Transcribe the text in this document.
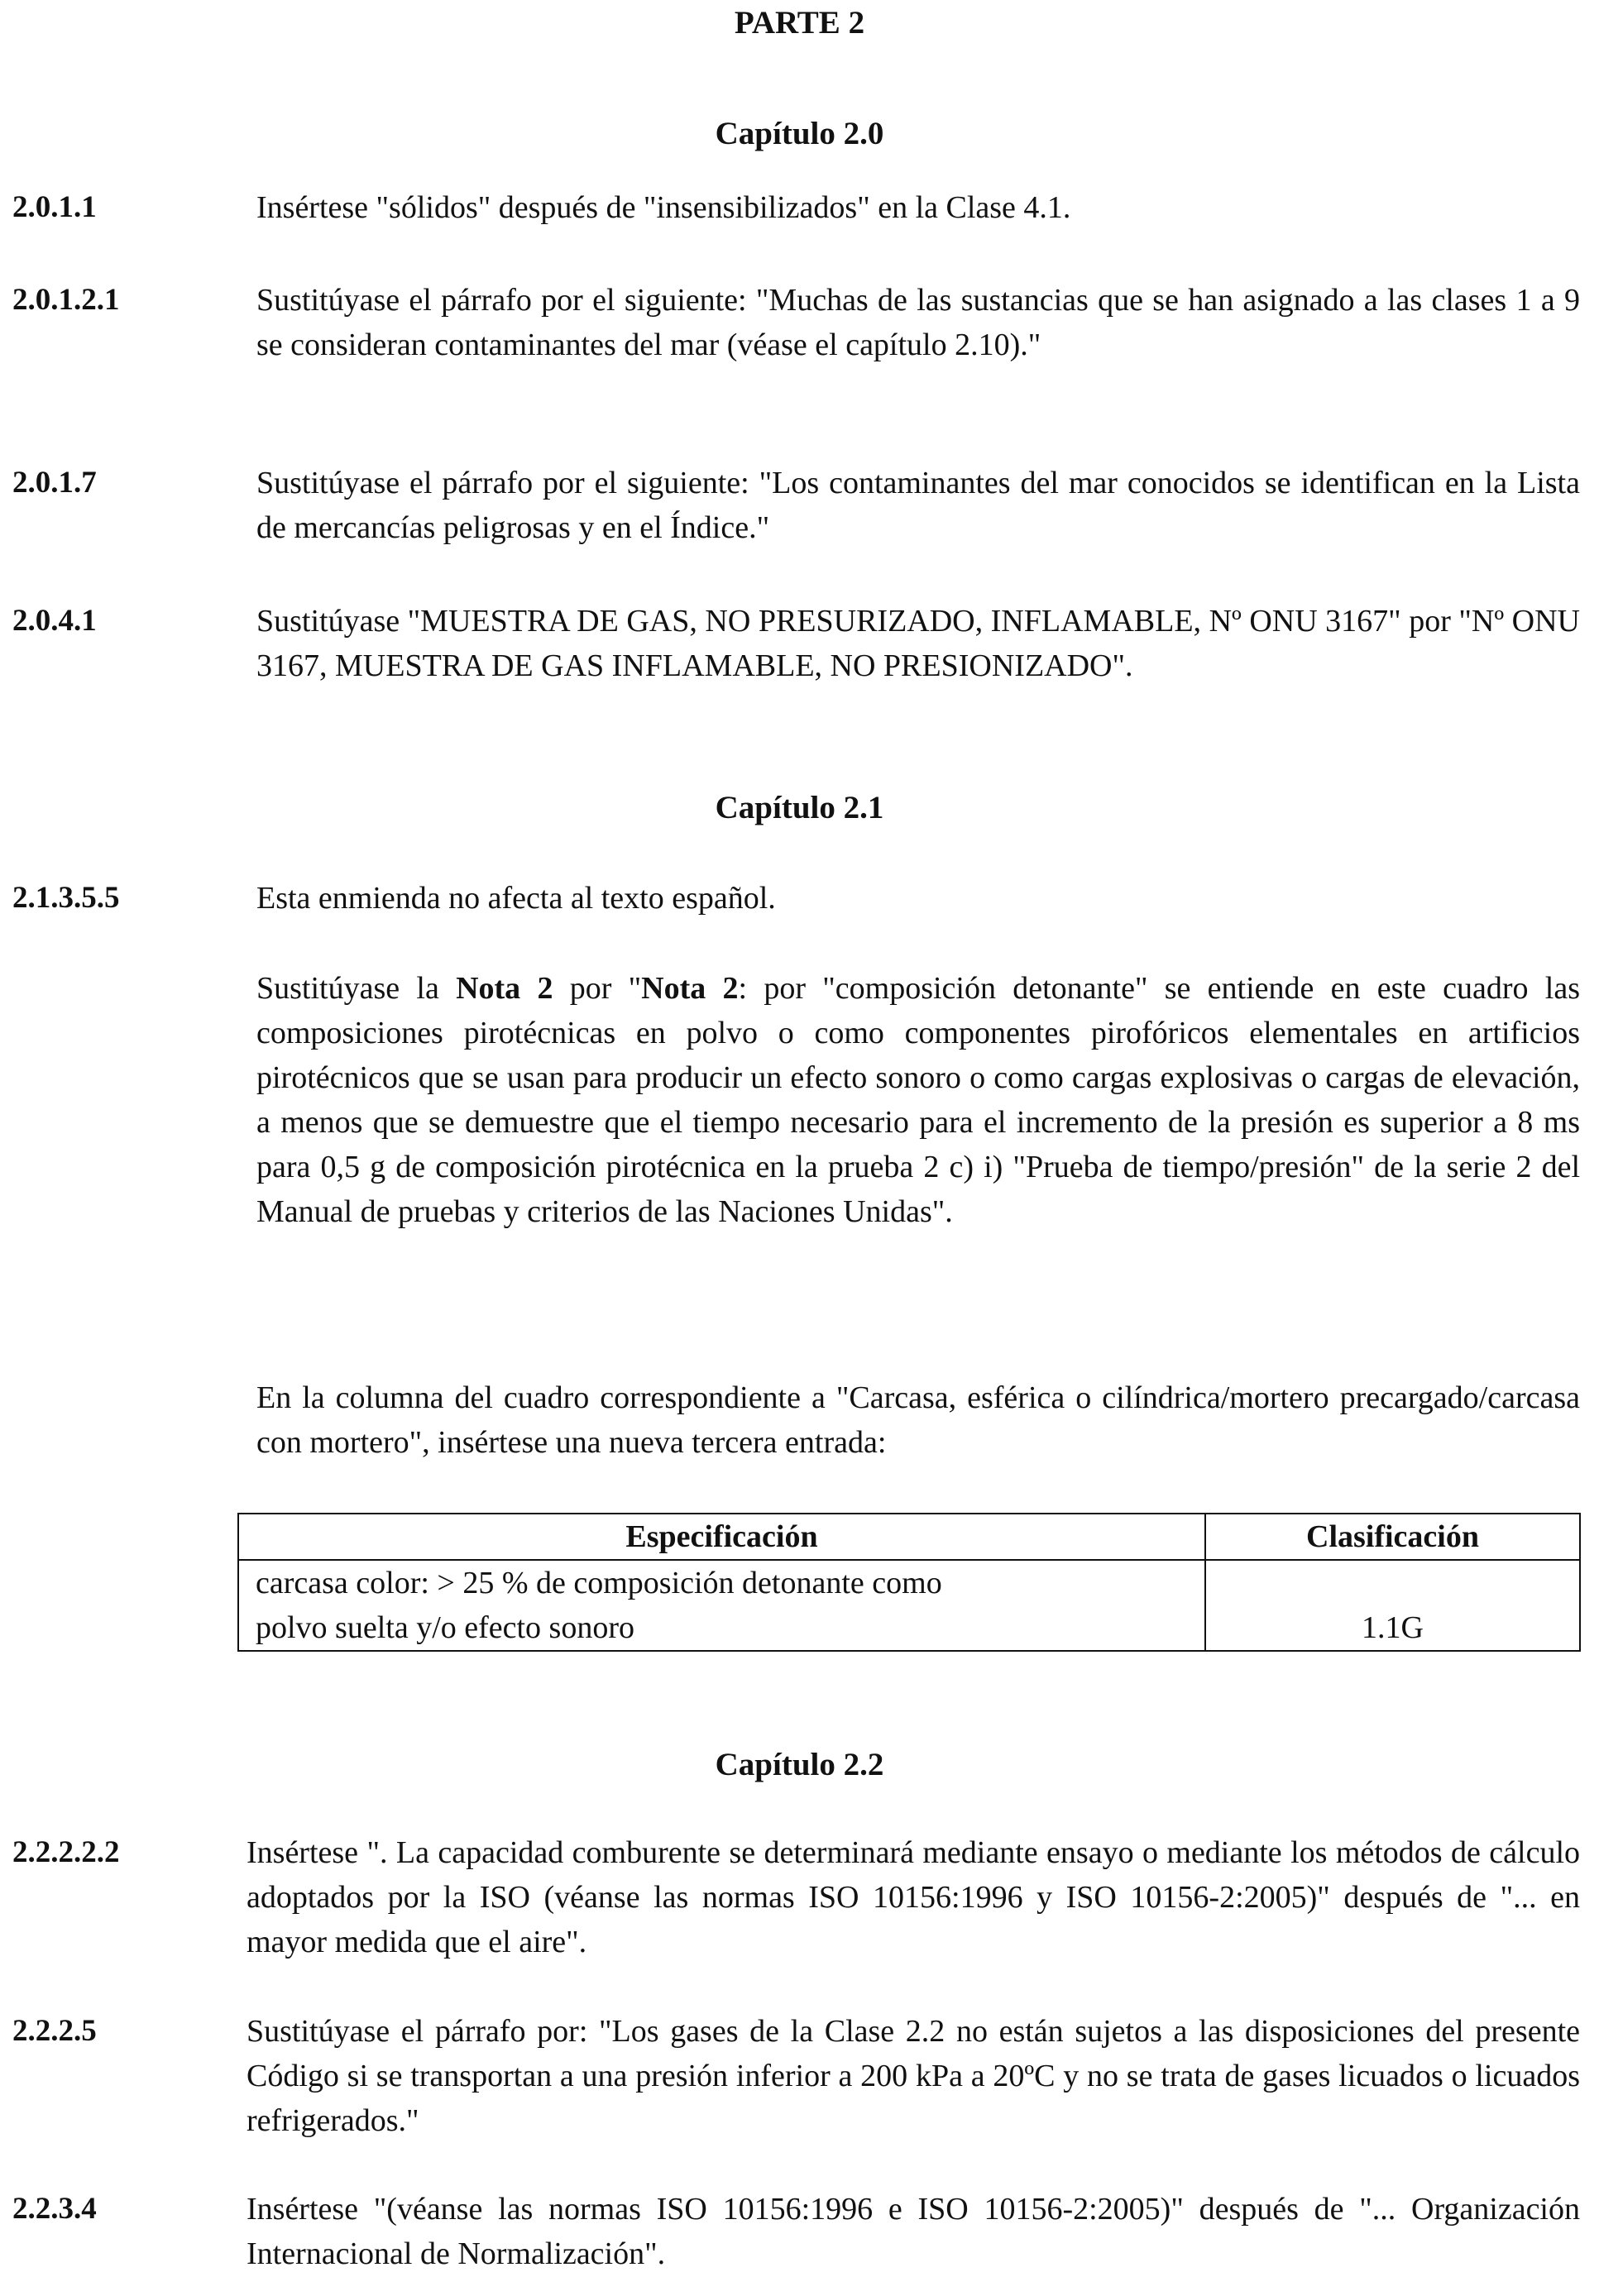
PARTE 2
Capítulo 2.0
2.0.1.1	Insértese "sólidos" después de "insensibilizados" en la Clase 4.1.
2.0.1.2.1	Sustitúyase el párrafo por el siguiente: "Muchas de las sustancias que se han asignado a las clases 1 a 9 se consideran contaminantes del mar (véase el capítulo 2.10)."
2.0.1.7	Sustitúyase el párrafo por el siguiente: "Los contaminantes del mar conocidos se identifican en la Lista de mercancías peligrosas y en el Índice."
2.0.4.1	Sustitúyase "MUESTRA DE GAS, NO PRESURIZADO, INFLAMABLE, Nº ONU 3167" por "Nº ONU 3167, MUESTRA DE GAS INFLAMABLE, NO PRESIONIZADO".
Capítulo 2.1
2.1.3.5.5	Esta enmienda no afecta al texto español.
Sustitúyase la Nota 2 por "Nota 2: por "composición detonante" se entiende en este cuadro las composiciones pirotécnicas en polvo o como componentes pirofóricos elementales en artificios pirotécnicos que se usan para producir un efecto sonoro o como cargas explosivas o cargas de elevación, a menos que se demuestre que el tiempo necesario para el incremento de la presión es superior a 8 ms para 0,5 g de composición pirotécnica en la prueba 2 c) i) "Prueba de tiempo/presión" de la serie 2 del Manual de pruebas y criterios de las Naciones Unidas".
En la columna del cuadro correspondiente a "Carcasa, esférica o cilíndrica/mortero precargado/carcasa con mortero", insértese una nueva tercera entrada:
Especificación	Clasificación

carcasa color: > 25 % de composición detonante como
polvo suelta y/o efecto sonoro	1.1G
Capítulo 2.2
2.2.2.2.2	Insértese ". La capacidad comburente se determinará mediante ensayo o mediante los métodos de cálculo adoptados por la ISO (véanse las normas ISO 10156:1996 y ISO 10156-2:2005)" después de "... en mayor medida que el aire".
2.2.2.5	Sustitúyase el párrafo por: "Los gases de la Clase 2.2 no están sujetos a las disposiciones del presente Código si se transportan a una presión inferior a 200 kPa a 20ºC y no se trata de gases licuados o licuados refrigerados."
2.2.3.4	Insértese "(véanse las normas ISO 10156:1996 e ISO 10156-2:2005)" después de "... Organización Internacional de Normalización".
